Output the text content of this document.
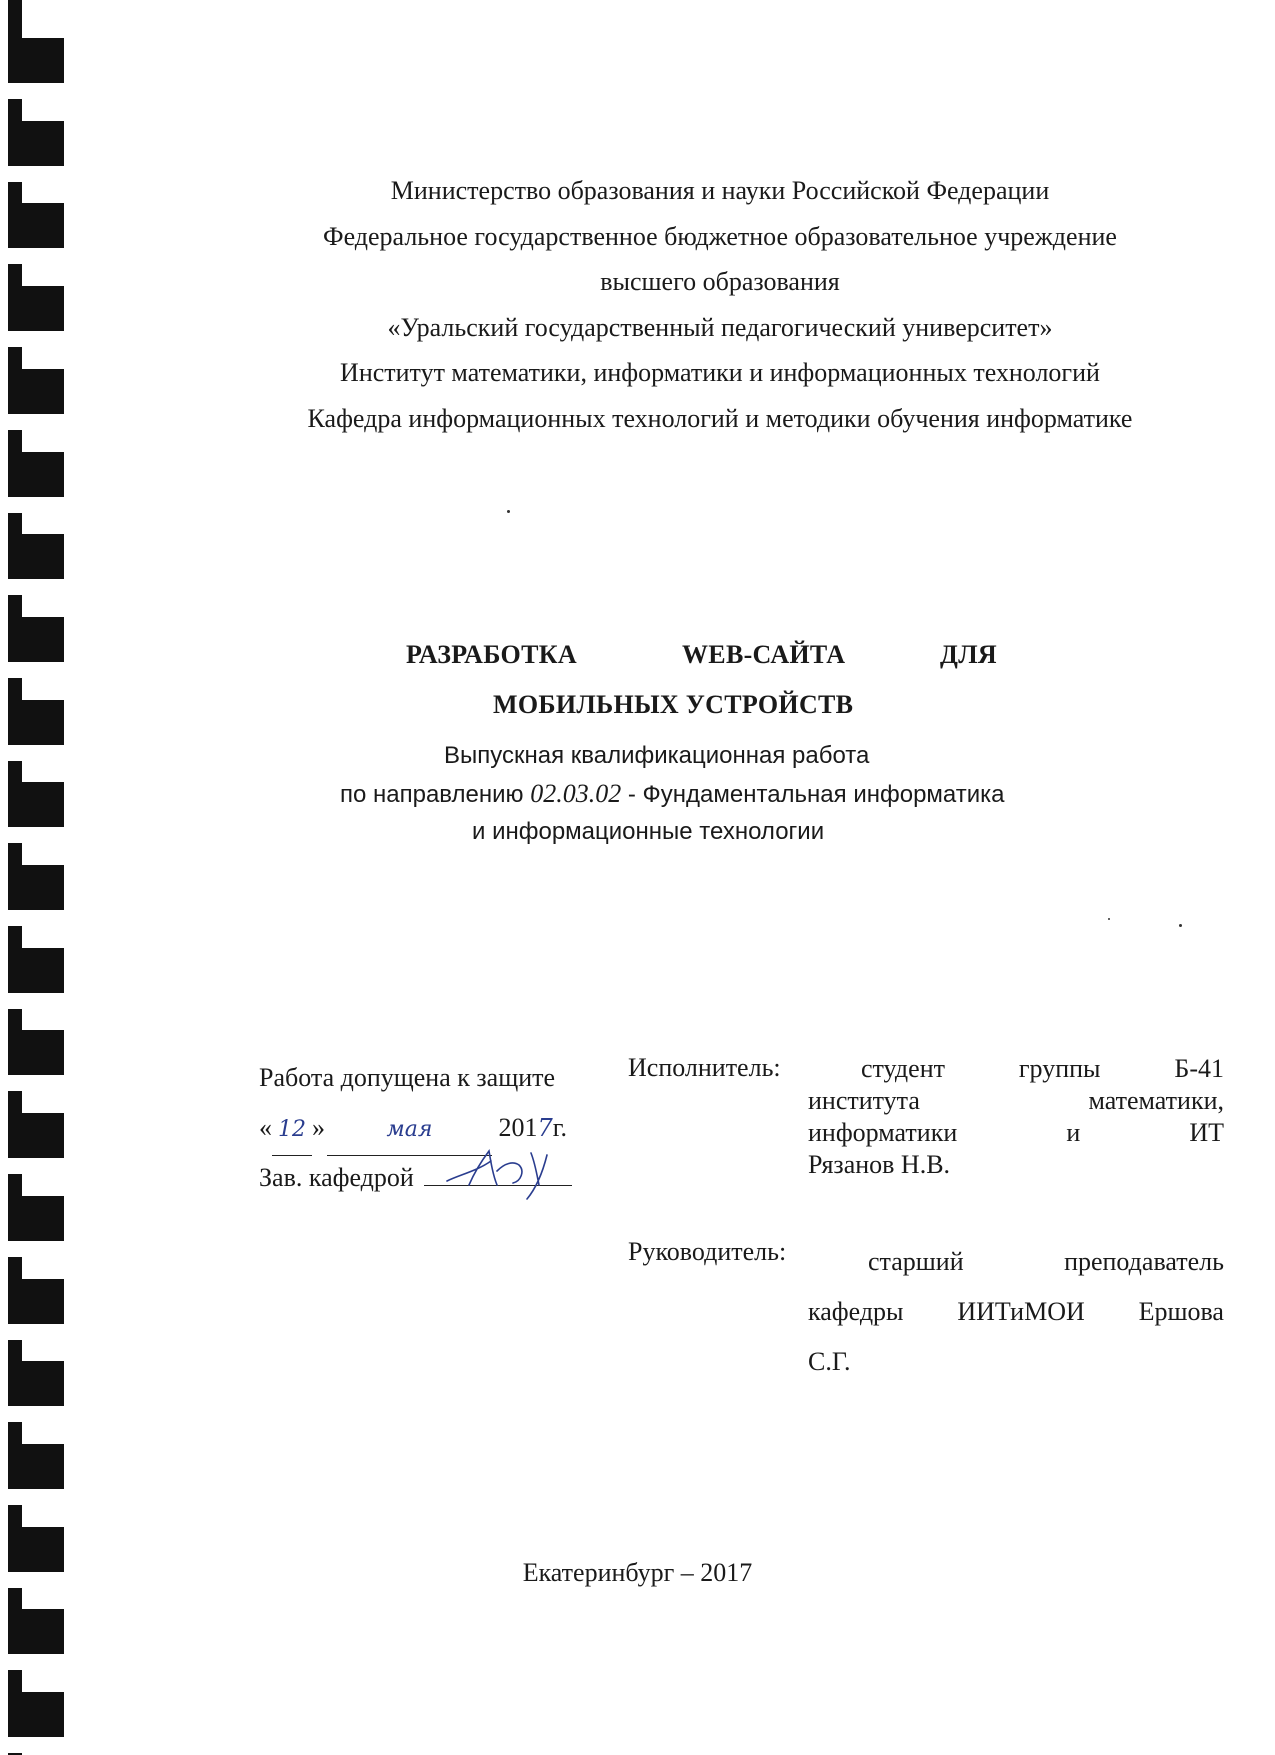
Министерство образования и науки Российской Федерации
Федеральное государственное бюджетное образовательное учреждение
высшего образования
«Уральский государственный педагогический университет»
Институт математики, информатики и информационных технологий
Кафедра информационных технологий и методики обучения информатике
РАЗРАБОТКА	WEB-САЙТА	ДЛЯ
МОБИЛЬНЫХ УСТРОЙСТВ
Выпускная квалификационная работа
по направлению 02.03.02 - Фундаментальная информатика
и информационные технологии
Работа допущена к защите
« 12 »	мая	2017г.
Зав. кафедрой
Исполнитель:	студент	группы	Б-41
института	математики,
информатики	и	ИТ
Рязанов Н.В.
Руководитель:	старший	преподаватель
кафедры ИИТиМОИ Ершова
С.Г.
Екатеринбург – 2017
